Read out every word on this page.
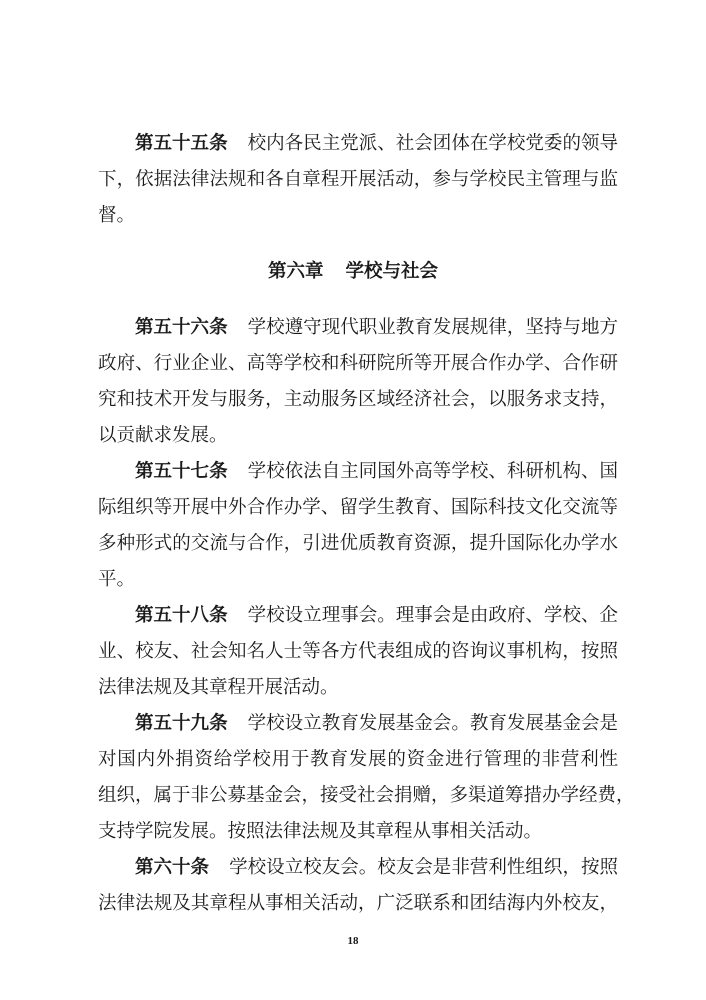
第五十五条 校内各民主党派、社会团体在学校党委的领导
下，依据法律法规和各自章程开展活动，参与学校民主管理与监
督。
第六章 学校与社会
第五十六条 学校遵守现代职业教育发展规律，坚持与地方
政府、行业企业、高等学校和科研院所等开展合作办学、合作研
究和技术开发与服务，主动服务区域经济社会，以服务求支持，
以贡献求发展。
第五十七条 学校依法自主同国外高等学校、科研机构、国
际组织等开展中外合作办学、留学生教育、国际科技文化交流等
多种形式的交流与合作，引进优质教育资源，提升国际化办学水
平。
第五十八条 学校设立理事会。理事会是由政府、学校、企
业、校友、社会知名人士等各方代表组成的咨询议事机构，按照
法律法规及其章程开展活动。
第五十九条 学校设立教育发展基金会。教育发展基金会是
对国内外捐资给学校用于教育发展的资金进行管理的非营利性
组织，属于非公募基金会，接受社会捐赠，多渠道筹措办学经费，
支持学院发展。按照法律法规及其章程从事相关活动。
第六十条 学校设立校友会。校友会是非营利性组织，按照
法律法规及其章程从事相关活动，广泛联系和团结海内外校友，
18
